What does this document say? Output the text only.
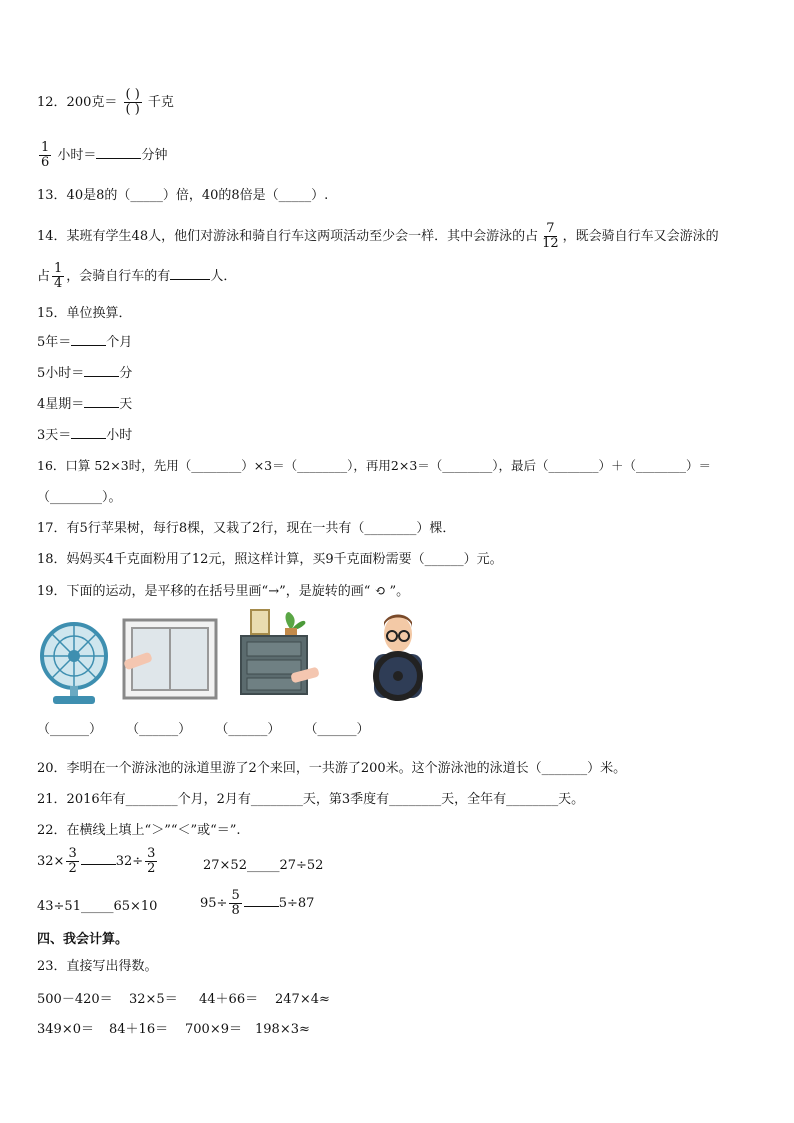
12．200克＝ $\frac{( )}{( )}$ 千克
$\frac{1}{6}$ 小时＝	分钟
13．40是8的（_____）倍，40的8倍是（_____）.
14．某班有学生48人，他们对游泳和骑自行车这两项活动至少会一样．其中会游泳的占 $\frac{7}{12}$ ，既会骑自行车又会游泳的
占 $\frac{1}{4}$ ，会骑自行车的有	人．
15．单位换算．
5年＝	个月
5小时＝	分
4星期＝	天
3天＝	小时
16．口算 52×3时，先用（________）×3＝（________），再用2×3＝（________），最后（________）＋（________）＝
（________）。
17．有5行苹果树，每行8棵，又栽了2行，现在一共有（________）棵．
18．妈妈买4千克面粉用了12元，照这样计算，买9千克面粉需要（______）元。
19．下面的运动，是平移的在括号里画“→”，是旋转的画“ ⟲ ”。
（______） （______） （______） （______）
20．李明在一个游泳池的泳道里游了2个来回，一共游了200米。这个游泳池的泳道长（_______）米。
21．2016年有________个月，2月有________天，第3季度有________天，全年有________天。
22．在横线上填上“＞”“＜”或“＝”.
$32\times \frac{3}{2}$	$32\div \frac{3}{2}$	27×52_____27÷52
43÷51_____65×10	$95\div \frac{5}{8}$	5÷87
四、我会计算。
23．直接写出得数。
500－420＝ 32×5＝ 44＋66＝ 247×4≈
349×0＝ 84＋16＝ 700×9＝ 198×3≈
